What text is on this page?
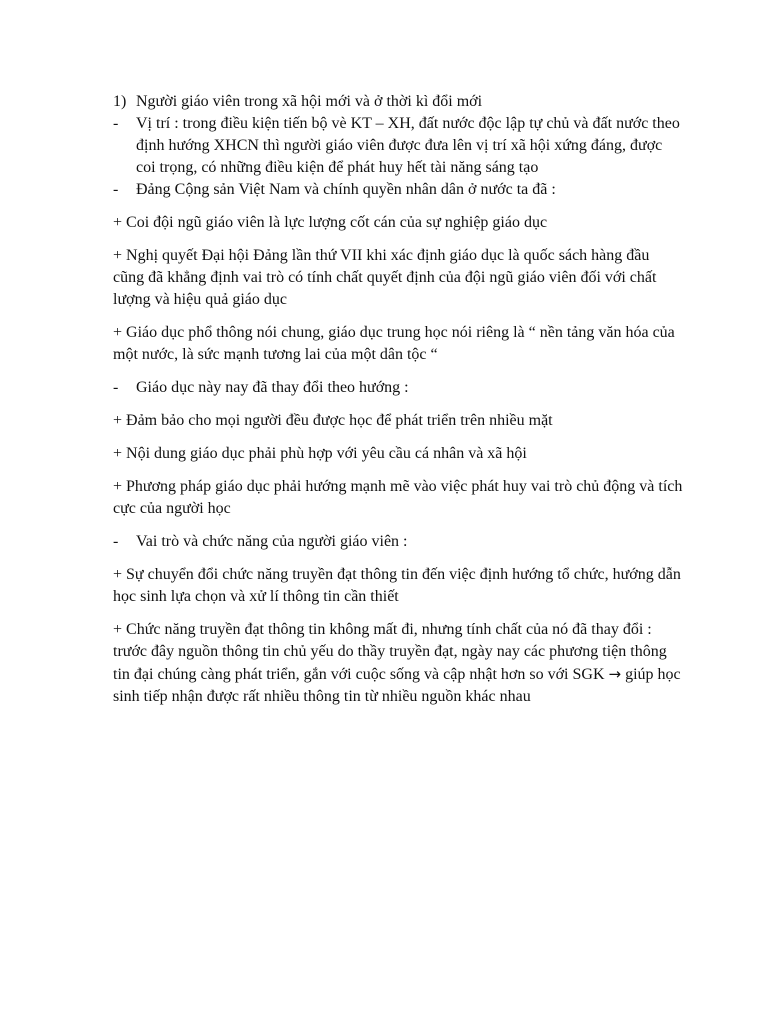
1) Người giáo viên trong xã hội mới và ở thời kì đổi mới
-	Vị trí : trong điều kiện tiến bộ vè KT – XH, đất nước độc lập tự chủ và đất nước theo định hướng XHCN thì người giáo viên được đưa lên vị trí xã hội xứng đáng, được coi trọng, có những điều kiện để phát huy hết tài năng sáng tạo
-	Đảng Cộng sản Việt Nam và chính quyền nhân dân ở nước ta đã :

+ Coi đội ngũ giáo viên là lực lượng cốt cán của sự nghiệp giáo dục

+ Nghị quyết Đại hội Đảng lần thứ VII khi xác định giáo dục là quốc sách hàng đầu cũng đã khẳng định vai trò có tính chất quyết định của đội ngũ giáo viên đối với chất lượng và hiệu quả giáo dục

+ Giáo dục phổ thông nói chung, giáo dục trung học nói riêng là “ nền tảng văn hóa của một nước, là sức mạnh tương lai của một dân tộc “

-	Giáo dục này nay đã thay đổi theo hướng :

+ Đảm bảo cho mọi người đều được học để phát triển trên nhiều mặt

+ Nội dung giáo dục phải phù hợp với yêu cầu cá nhân và xã hội

+ Phương pháp giáo dục phải hướng mạnh mẽ vào việc phát huy vai trò chủ động và tích cực của người học

-	Vai trò và chức năng của người giáo viên :

+ Sự chuyển đổi chức năng truyền đạt thông tin đến việc định hướng tổ chức, hướng dẫn học sinh lựa chọn và xử lí thông tin cần thiết

+ Chức năng truyền đạt thông tin không mất đi, nhưng tính chất của nó đã thay đổi : trước đây nguồn thông tin chủ yếu do thầy truyền đạt, ngày nay các phương tiện thông tin đại chúng càng phát triển, gắn với cuộc sống và cập nhật hơn so với SGK → giúp học sinh tiếp nhận được rất nhiều thông tin từ nhiều nguồn khác nhau
